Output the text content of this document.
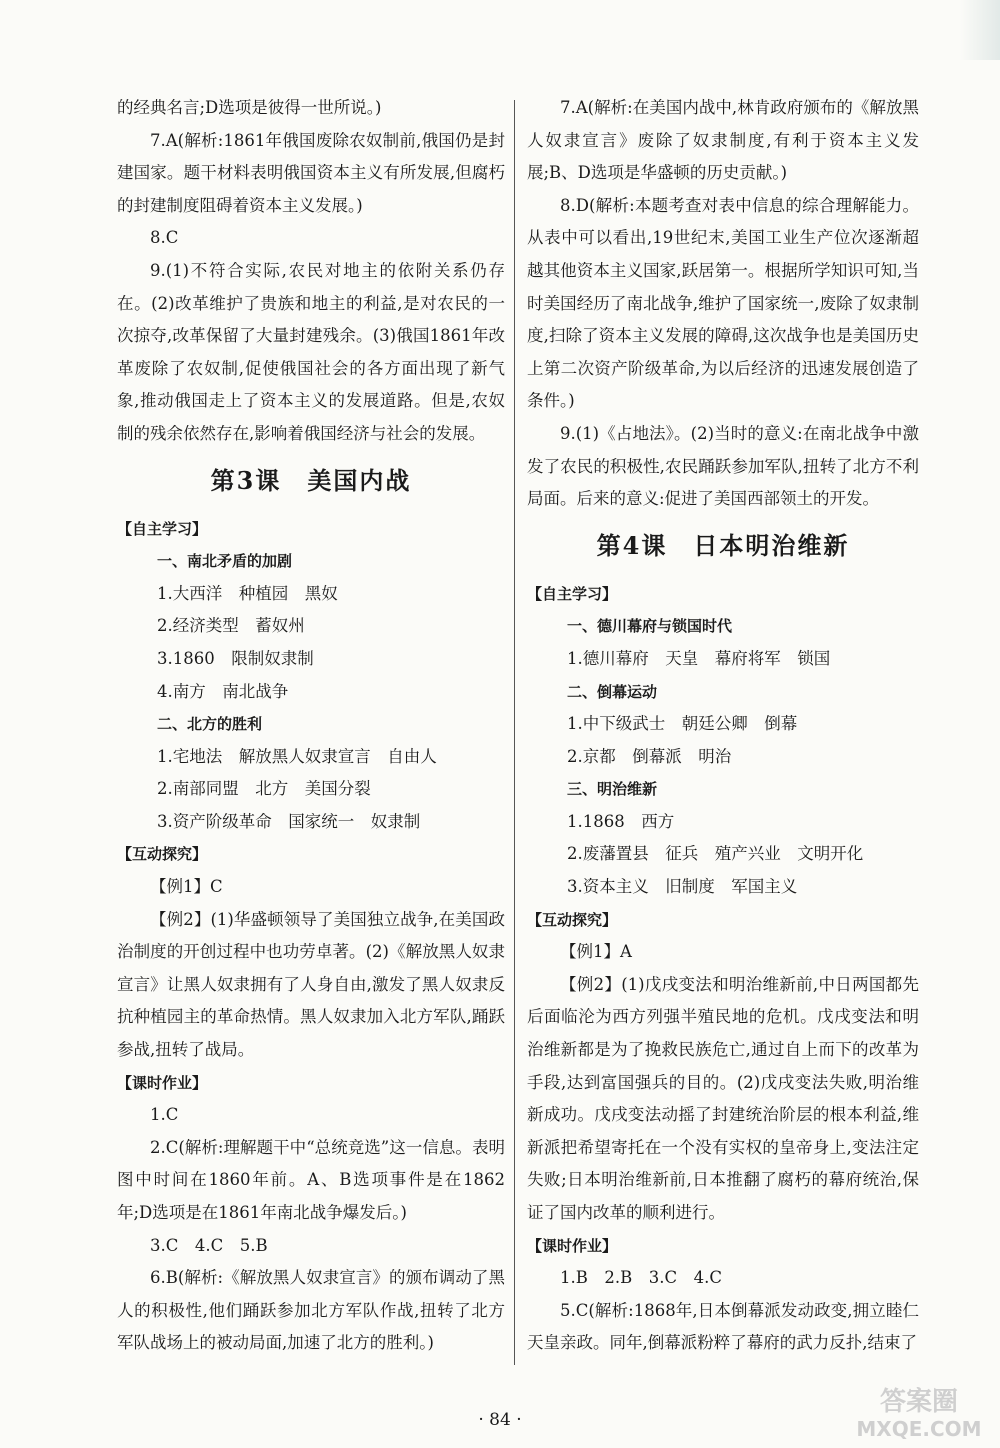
的经典名言;D选项是彼得一世所说。)

7.A(解析:1861年俄国废除农奴制前,俄国仍是封建国家。题干材料表明俄国资本主义有所发展,但腐朽的封建制度阻碍着资本主义发展。)

8.C

9.(1)不符合实际,农民对地主的依附关系仍存在。(2)改革维护了贵族和地主的利益,是对农民的一次掠夺,改革保留了大量封建残余。(3)俄国1861年改革废除了农奴制,促使俄国社会的各方面出现了新气象,推动俄国走上了资本主义的发展道路。但是,农奴制的残余依然存在,影响着俄国经济与社会的发展。

第3课　美国内战
【自主学习】
一、南北矛盾的加剧
1.大西洋　种植园　黑奴
2.经济类型　蓄奴州
3.1860　限制奴隶制
4.南方　南北战争
二、北方的胜利
1.宅地法　解放黑人奴隶宣言　自由人
2.南部同盟　北方　美国分裂
3.资产阶级革命　国家统一　奴隶制
【互动探究】

【例1】C

【例2】(1)华盛顿领导了美国独立战争,在美国政治制度的开创过程中也功劳卓著。(2)《解放黑人奴隶宣言》让黑人奴隶拥有了人身自由,激发了黑人奴隶反抗种植园主的革命热情。黑人奴隶加入北方军队,踊跃参战,扭转了战局。

【课时作业】

1.C

2.C(解析:理解题干中“总统竞选”这一信息。表明图中时间在1860年前。A、B选项事件是在1862年;D选项是在1861年南北战争爆发后。)

3.C　4.C　5.B

6.B(解析:《解放黑人奴隶宣言》的颁布调动了黑人的积极性,他们踊跃参加北方军队作战,扭转了北方军队战场上的被动局面,加速了北方的胜利。)

7.A(解析:在美国内战中,林肯政府颁布的《解放黑人奴隶宣言》废除了奴隶制度,有利于资本主义发展;B、D选项是华盛顿的历史贡献。)

8.D(解析:本题考查对表中信息的综合理解能力。从表中可以看出,19世纪末,美国工业生产位次逐渐超越其他资本主义国家,跃居第一。根据所学知识可知,当时美国经历了南北战争,维护了国家统一,废除了奴隶制度,扫除了资本主义发展的障碍,这次战争也是美国历史上第二次资产阶级革命,为以后经济的迅速发展创造了条件。)

9.(1)《占地法》。(2)当时的意义:在南北战争中激发了农民的积极性,农民踊跃参加军队,扭转了北方不利局面。后来的意义:促进了美国西部领土的开发。

第4课　日本明治维新
【自主学习】
一、德川幕府与锁国时代
1.德川幕府　天皇　幕府将军　锁国
二、倒幕运动
1.中下级武士　朝廷公卿　倒幕
2.京都　倒幕派　明治
三、明治维新
1.1868　西方
2.废藩置县　征兵　殖产兴业　文明开化
3.资本主义　旧制度　军国主义
【互动探究】

【例1】A

【例2】(1)戊戌变法和明治维新前,中日两国都先后面临沦为西方列强半殖民地的危机。戊戌变法和明治维新都是为了挽救民族危亡,通过自上而下的改革为手段,达到富国强兵的目的。(2)戊戌变法失败,明治维新成功。戊戌变法动摇了封建统治阶层的根本利益,维新派把希望寄托在一个没有实权的皇帝身上,变法注定失败;日本明治维新前,日本推翻了腐朽的幕府统治,保证了国内改革的顺利进行。

【课时作业】

1.B　2.B　3.C　4.C

5.C(解析:1868年,日本倒幕派发动政变,拥立睦仁天皇亲政。同年,倒幕派粉粹了幕府的武力反扑,结束了

· 84 ·
答案圈
MXQE.COM
